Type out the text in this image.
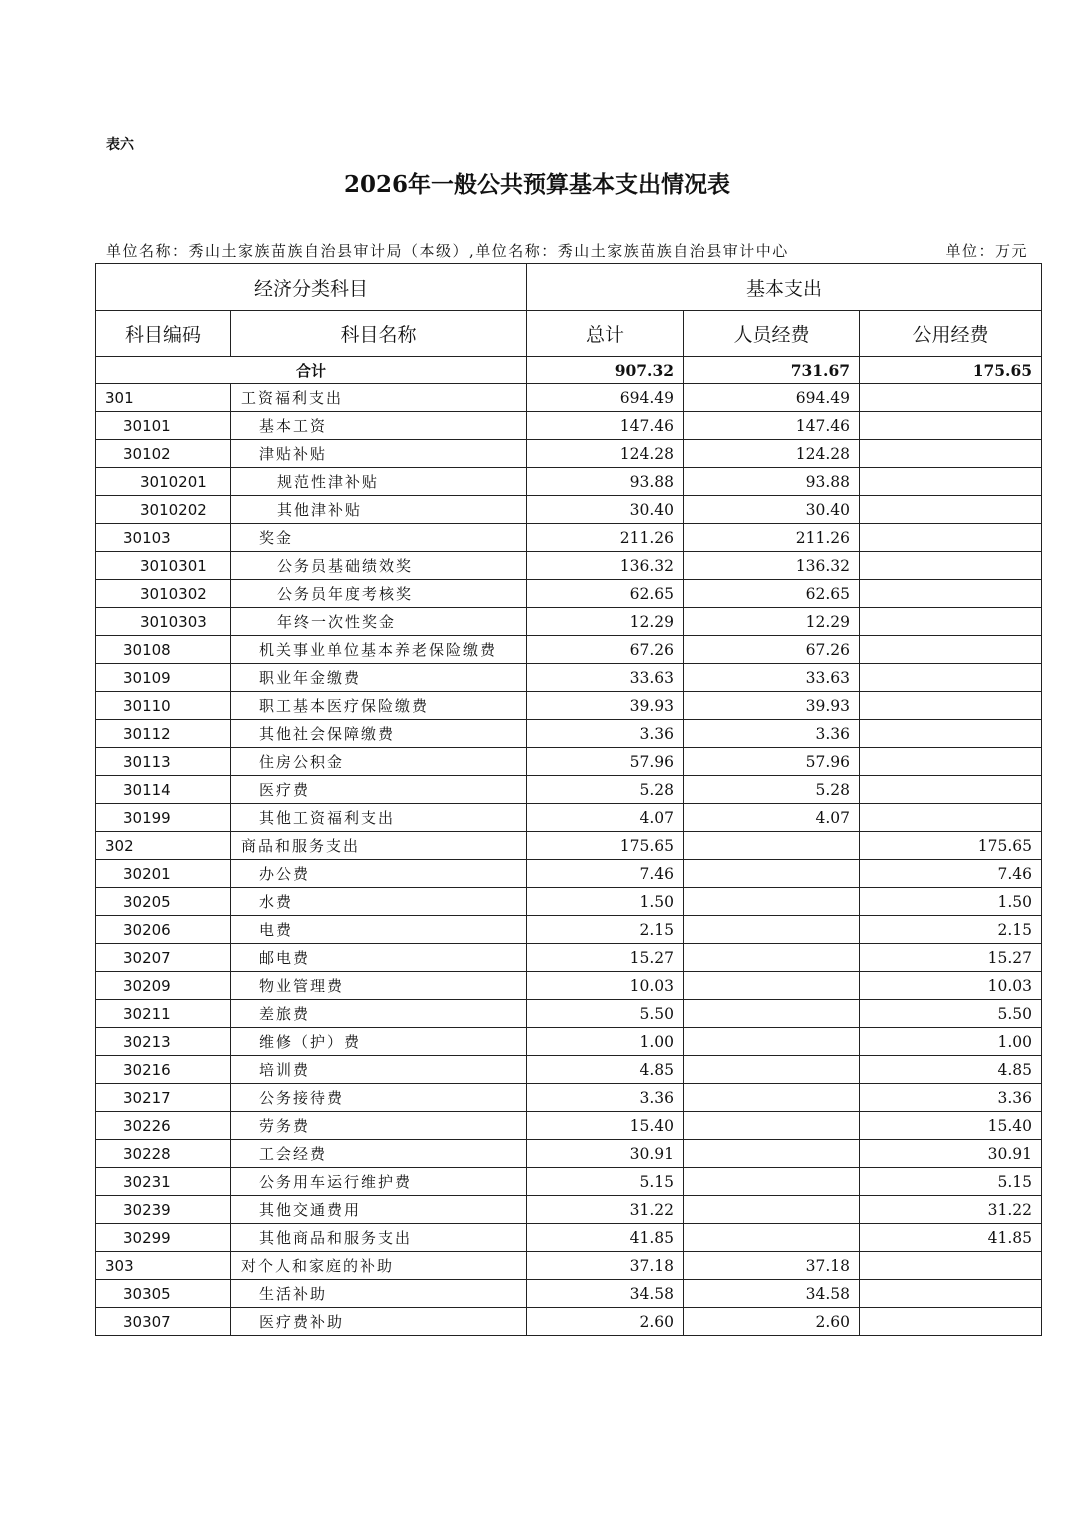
表六
2026年一般公共预算基本支出情况表
单位名称：秀山土家族苗族自治县审计局（本级）,单位名称：秀山土家族苗族自治县审计中心	单位：万元
经济分类科目		基本支出		
科目编码	科目名称	总计	人员经费	公用经费
合计		907.32	731.67	175.65
301	工资福利支出	694.49	694.49	
30101	基本工资	147.46	147.46	
30102	津贴补贴	124.28	124.28	
3010201	规范性津补贴	93.88	93.88	
3010202	其他津补贴	30.40	30.40	
30103	奖金	211.26	211.26	
3010301	公务员基础绩效奖	136.32	136.32	
3010302	公务员年度考核奖	62.65	62.65	
3010303	年终一次性奖金	12.29	12.29	
30108	机关事业单位基本养老保险缴费	67.26	67.26	
30109	职业年金缴费	33.63	33.63	
30110	职工基本医疗保险缴费	39.93	39.93	
30112	其他社会保障缴费	3.36	3.36	
30113	住房公积金	57.96	57.96	
30114	医疗费	5.28	5.28	
30199	其他工资福利支出	4.07	4.07	
302	商品和服务支出	175.65		175.65
30201	办公费	7.46		7.46
30205	水费	1.50		1.50
30206	电费	2.15		2.15
30207	邮电费	15.27		15.27
30209	物业管理费	10.03		10.03
30211	差旅费	5.50		5.50
30213	维修（护）费	1.00		1.00
30216	培训费	4.85		4.85
30217	公务接待费	3.36		3.36
30226	劳务费	15.40		15.40
30228	工会经费	30.91		30.91
30231	公务用车运行维护费	5.15		5.15
30239	其他交通费用	31.22		31.22
30299	其他商品和服务支出	41.85		41.85
303	对个人和家庭的补助	37.18	37.18	
30305	生活补助	34.58	34.58	
30307	医疗费补助	2.60	2.60	
